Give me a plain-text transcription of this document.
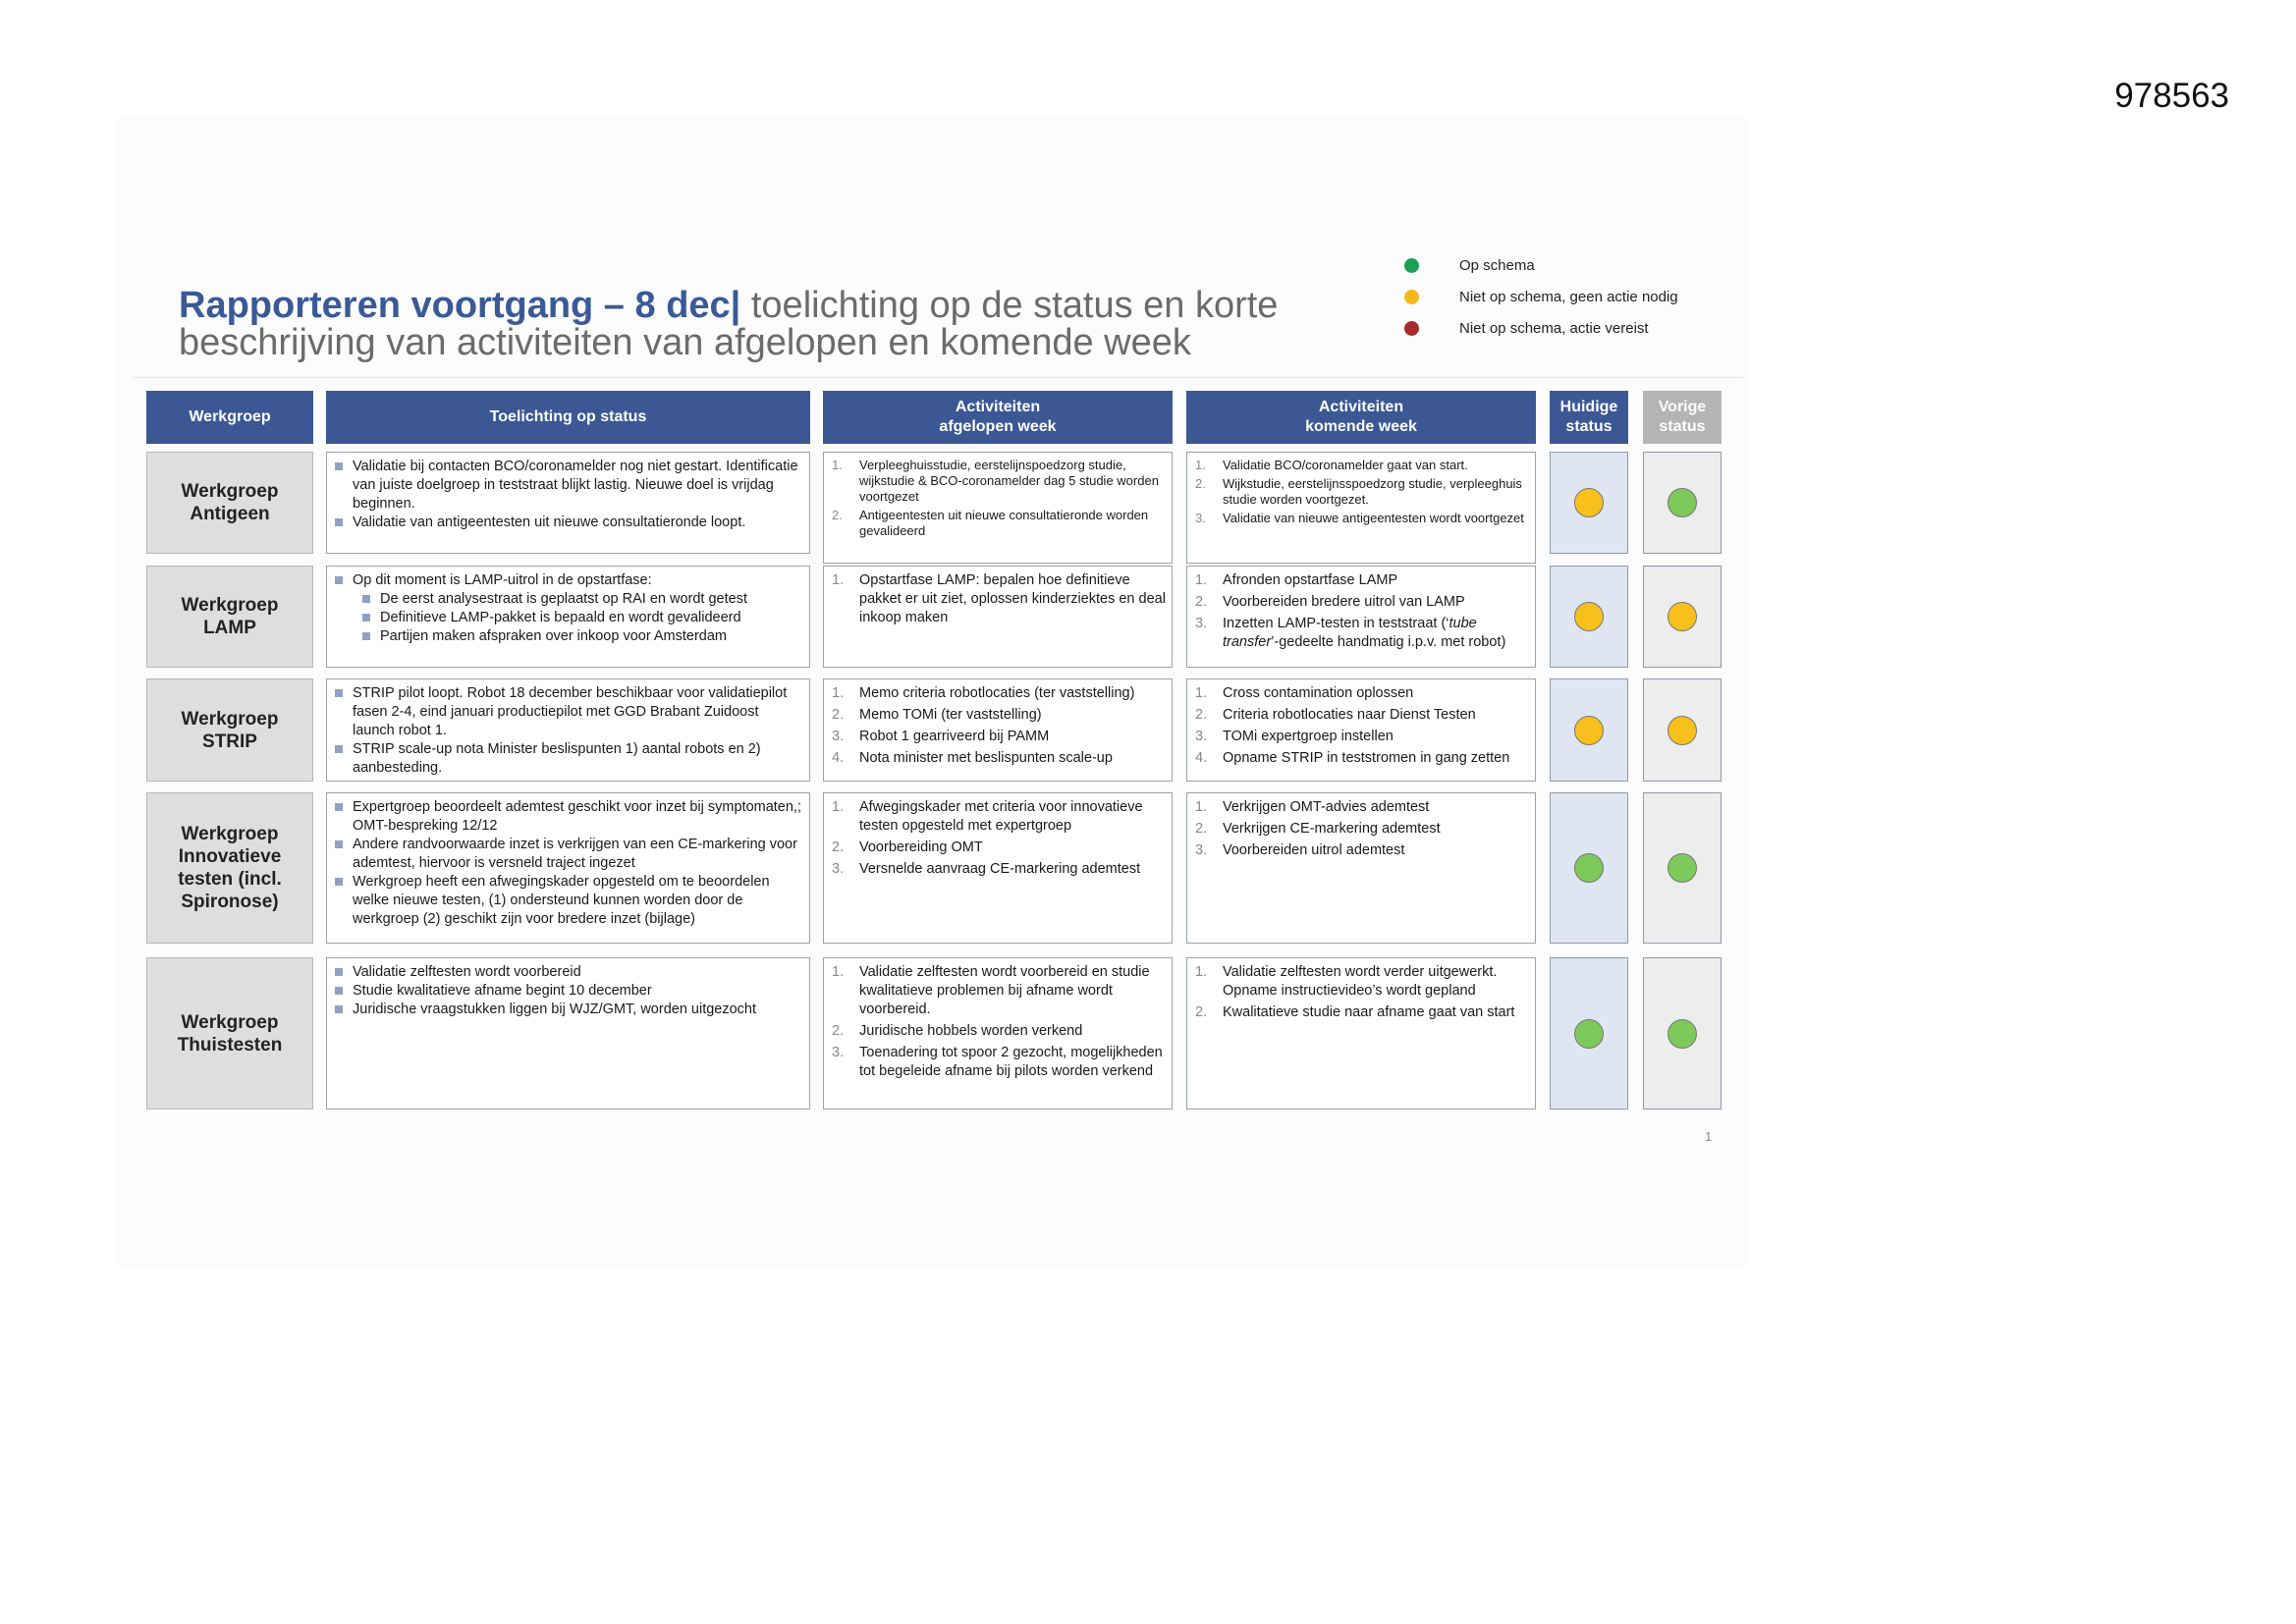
978563
Rapporteren voortgang – 8 dec| toelichting op de status en korte
beschrijving van activiteiten van afgelopen en komende week
Op schema
Niet op schema, geen actie nodig
Niet op schema, actie vereist
Werkgroep	Toelichting op status
Activiteiten
afgelopen week
Activiteiten
komende week
Huidige
status
Vorige
status
Werkgroep Antigeen
Validatie bij contacten BCO/coronamelder nog niet gestart. Identificatie van juiste doelgroep in teststraat blijkt lastig. Nieuwe doel is vrijdag beginnen.
Validatie van antigeentesten uit nieuwe consultatieronde loopt.
Verpleeghuisstudie, eerstelijnspoedzorg studie, wijkstudie & BCO-coronamelder dag 5 studie worden voortgezet
Antigeentesten uit nieuwe consultatieronde worden gevalideerd
Validatie BCO/coronamelder gaat van start.
Wijkstudie, eerstelijnsspoedzorg studie, verpleeghuis studie worden voortgezet.
Validatie van nieuwe antigeentesten wordt voortgezet
Werkgroep LAMP
Op dit moment is LAMP-uitrol in de opstartfase:
De eerst analysestraat is geplaatst op RAI en wordt getest
Definitieve LAMP-pakket is bepaald en wordt gevalideerd
Partijen maken afspraken over inkoop voor Amsterdam
Opstartfase LAMP: bepalen hoe definitieve pakket er uit ziet, oplossen kinderziektes en deal inkoop maken
Afronden opstartfase LAMP
Voorbereiden bredere uitrol van LAMP
Inzetten LAMP-testen in teststraat (‘tube transfer’-gedeelte handmatig i.p.v. met robot)
Werkgroep STRIP
STRIP pilot loopt. Robot 18 december beschikbaar voor validatiepilot fasen 2-4, eind januari productiepilot met GGD Brabant Zuidoost launch robot 1.
STRIP scale-up nota Minister beslispunten 1) aantal robots en 2) aanbesteding.
Memo criteria robotlocaties (ter vaststelling)
Memo TOMi (ter vaststelling)
Robot 1 gearriveerd bij PAMM
Nota minister met beslispunten scale-up
Cross contamination oplossen
Criteria robotlocaties naar Dienst Testen
TOMi expertgroep instellen
Opname STRIP in teststromen in gang zetten
Werkgroep Innovatieve testen (incl. Spironose)
Expertgroep beoordeelt ademtest geschikt voor inzet bij symptomaten,; OMT-bespreking 12/12
Andere randvoorwaarde inzet is verkrijgen van een CE-markering voor ademtest, hiervoor is versneld traject ingezet
Werkgroep heeft een afwegingskader opgesteld om te beoordelen welke nieuwe testen, (1) ondersteund kunnen worden door de werkgroep (2) geschikt zijn voor bredere inzet (bijlage)
Afwegingskader met criteria voor innovatieve testen opgesteld met expertgroep
Voorbereiding OMT
Versnelde aanvraag CE-markering ademtest
Verkrijgen OMT-advies ademtest
Verkrijgen CE-markering ademtest
Voorbereiden uitrol ademtest
Werkgroep Thuistesten
Validatie zelftesten wordt voorbereid
Studie kwalitatieve afname begint 10 december
Juridische vraagstukken liggen bij WJZ/GMT, worden uitgezocht
Validatie zelftesten wordt voorbereid en studie kwalitatieve problemen bij afname wordt voorbereid.
Juridische hobbels worden verkend
Toenadering tot spoor 2 gezocht, mogelijkheden tot begeleide afname bij pilots worden verkend
Validatie zelftesten wordt verder uitgewerkt. Opname instructievideo’s wordt gepland
Kwalitatieve studie naar afname gaat van start
1
